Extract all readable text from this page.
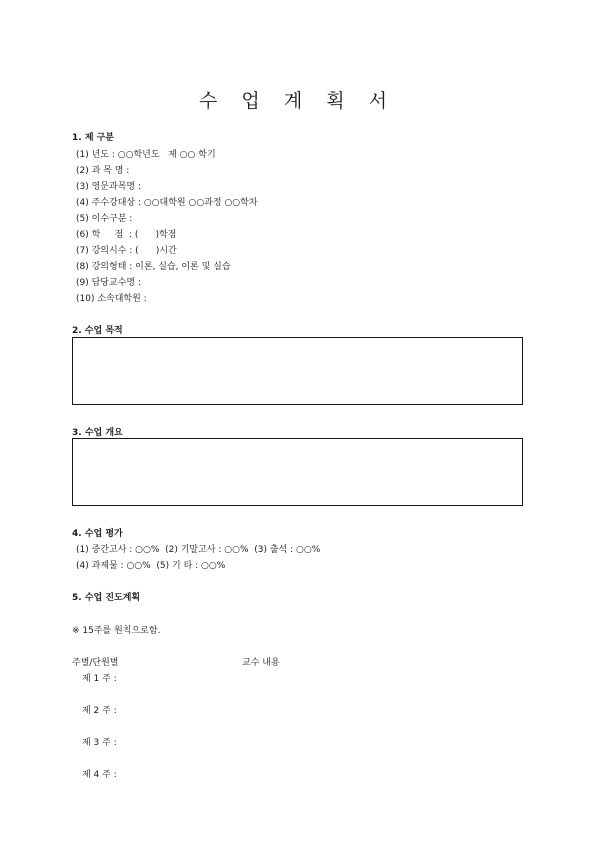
수 업 계 획 서
1. 제 구분
(1) 년도 : ○○학년도   제 ○○ 학기
(2) 과 목 명 :
(3) 영문과목명 :
(4) 주수강대상 : ○○대학원 ○○과정 ○○학차
(5) 이수구분 :
(6) 학     점  : (      )학점
(7) 강의시수 : (      )시간
(8) 강의형태 : 이론, 실습, 이론 및 실습
(9) 담당교수명 :
(10) 소속대학원 :
2. 수업 목적
3. 수업 개요
4. 수업 평가
(1) 중간고사 : ○○%  (2) 기말고사 : ○○%  (3) 출석 : ○○%
(4) 과제물 : ○○%  (5) 기 타 : ○○%
5. 수업 진도계획
※ 15주를 원칙으로함.
주별/단원별	교수 내용
제 1 주 :
제 2 주 :
제 3 주 :
제 4 주 :
